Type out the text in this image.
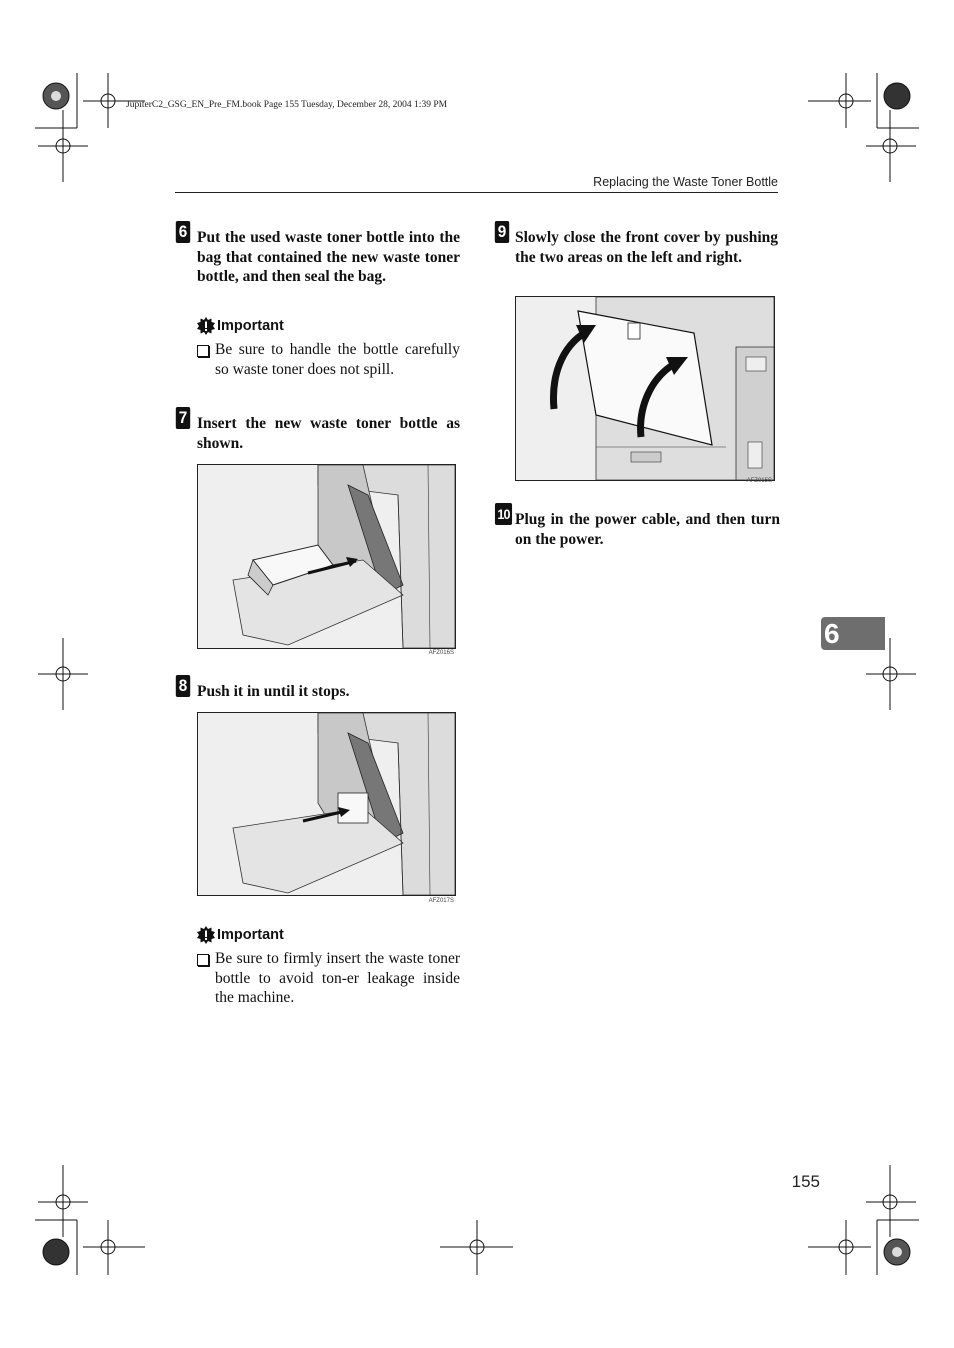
JupiterC2_GSG_EN_Pre_FM.book Page 155 Tuesday, December 28, 2004 1:39 PM
Replacing the Waste Toner Bottle
6 Put the used waste toner bottle into the bag that contained the new waste toner bottle, and then seal the bag.
Important
Be sure to handle the bottle carefully so waste toner does not spill.
7 Insert the new waste toner bottle as shown.
AFZ016S
8 Push it in until it stops.
AFZ017S
Important
Be sure to firmly insert the waste toner bottle to avoid ton-er leakage inside the machine.
9 Slowly close the front cover by pushing the two areas on the left and right.
AFZ015S
10 Plug in the power cable, and then turn on the power.
6
155
